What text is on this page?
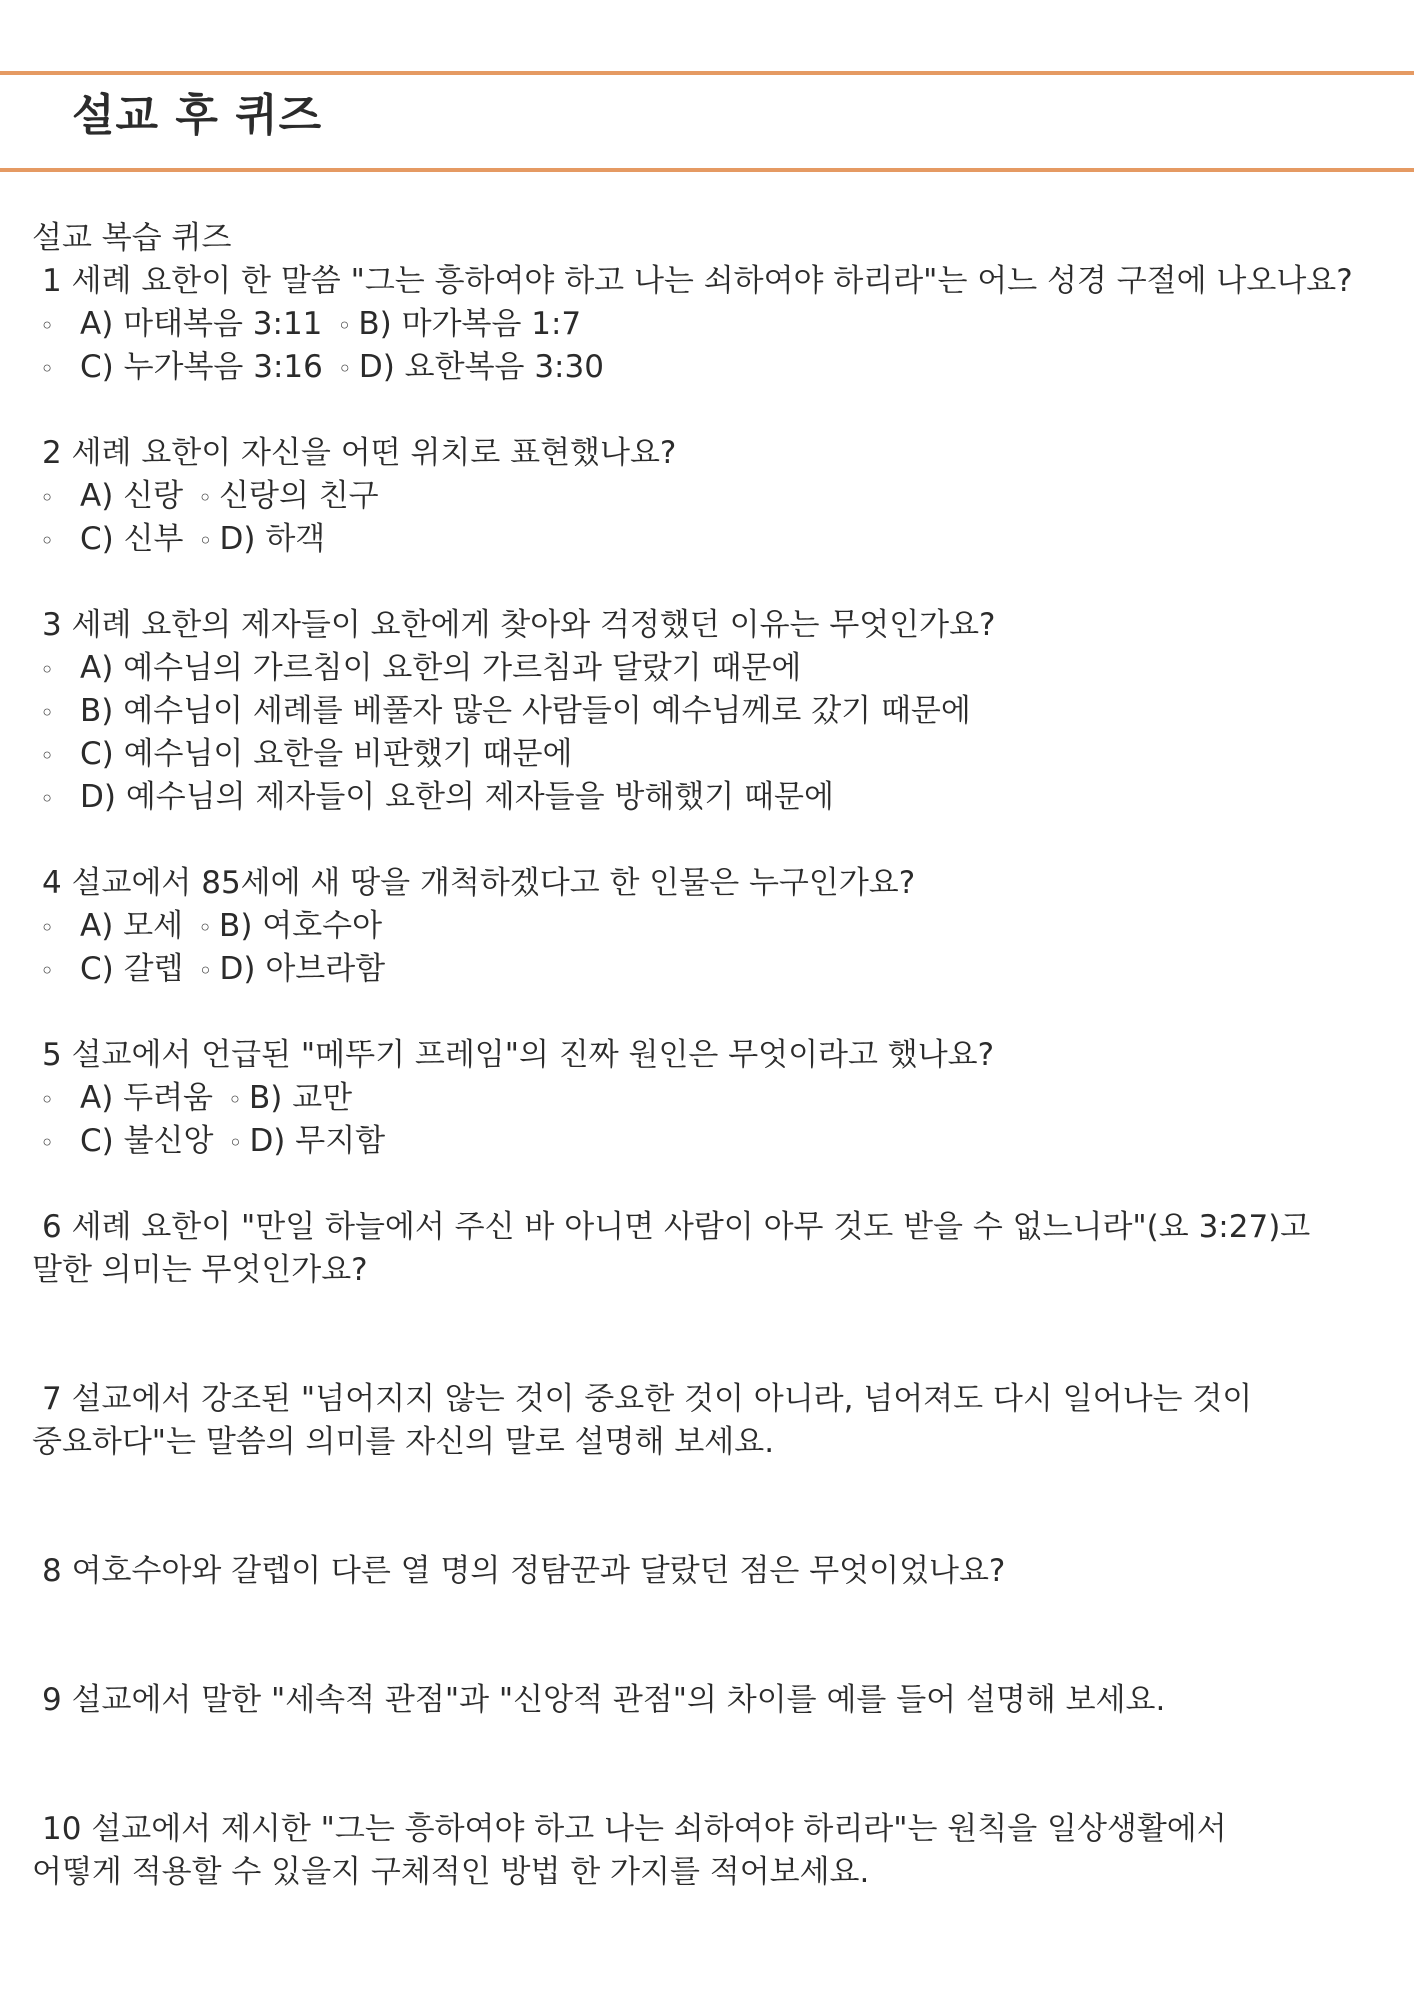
설교 후 퀴즈

설교 복습 퀴즈

1 세례 요한이 한 말씀 "그는 흥하여야 하고 나는 쇠하여야 하리라"는 어느 성경 구절에 나오나요?
◦ A) 마태복음 3:11 ◦ B) 마가복음 1:7
◦ C) 누가복음 3:16 ◦ D) 요한복음 3:30
2 세례 요한이 자신을 어떤 위치로 표현했나요?
◦ A) 신랑 ◦ 신랑의 친구
◦ C) 신부 ◦ D) 하객
3 세례 요한의 제자들이 요한에게 찾아와 걱정했던 이유는 무엇인가요?
◦ A) 예수님의 가르침이 요한의 가르침과 달랐기 때문에
◦ B) 예수님이 세례를 베풀자 많은 사람들이 예수님께로 갔기 때문에
◦ C) 예수님이 요한을 비판했기 때문에
◦ D) 예수님의 제자들이 요한의 제자들을 방해했기 때문에
4 설교에서 85세에 새 땅을 개척하겠다고 한 인물은 누구인가요?
◦ A) 모세 ◦ B) 여호수아
◦ C) 갈렙 ◦ D) 아브라함
5 설교에서 언급된 "메뚜기 프레임"의 진짜 원인은 무엇이라고 했나요?
◦ A) 두려움 ◦ B) 교만
◦ C) 불신앙 ◦ D) 무지함
6 세례 요한이 "만일 하늘에서 주신 바 아니면 사람이 아무 것도 받을 수 없느니라"(요 3:27)고
말한 의미는 무엇인가요?
7 설교에서 강조된 "넘어지지 않는 것이 중요한 것이 아니라, 넘어져도 다시 일어나는 것이
중요하다"는 말씀의 의미를 자신의 말로 설명해 보세요.
8 여호수아와 갈렙이 다른 열 명의 정탐꾼과 달랐던 점은 무엇이었나요?
9 설교에서 말한 "세속적 관점"과 "신앙적 관점"의 차이를 예를 들어 설명해 보세요.
10 설교에서 제시한 "그는 흥하여야 하고 나는 쇠하여야 하리라"는 원칙을 일상생활에서
어떻게 적용할 수 있을지 구체적인 방법 한 가지를 적어보세요.
